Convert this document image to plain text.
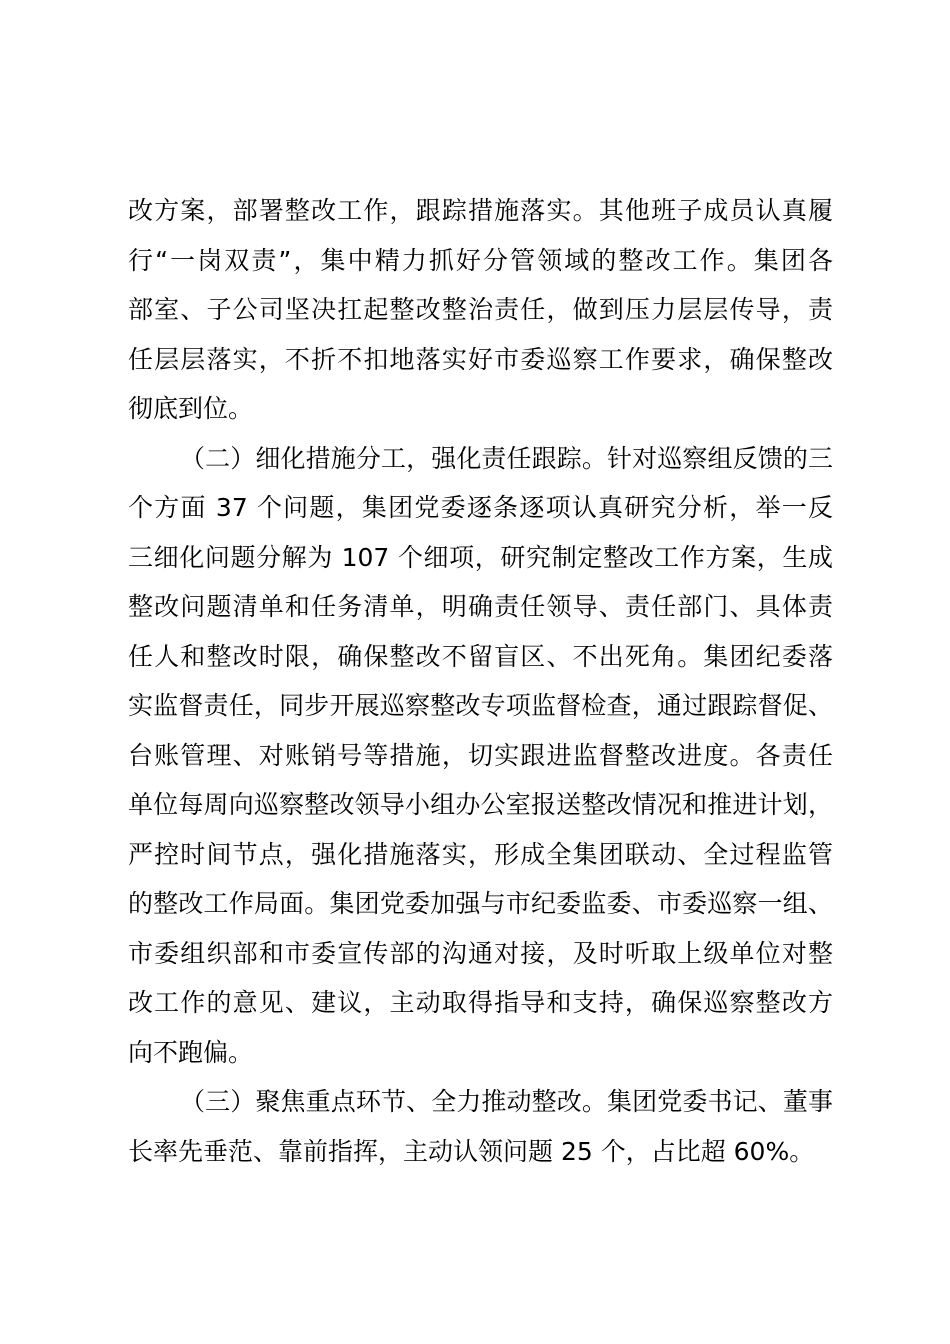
改方案，部署整改工作，跟踪措施落实。其他班子成员认真履
行“一岗双责”，集中精力抓好分管领域的整改工作。集团各
部室、子公司坚决扛起整改整治责任，做到压力层层传导，责
任层层落实，不折不扣地落实好市委巡察工作要求，确保整改
彻底到位。
（二）细化措施分工，强化责任跟踪。针对巡察组反馈的三
个方面 37 个问题，集团党委逐条逐项认真研究分析，举一反
三细化问题分解为 107 个细项，研究制定整改工作方案，生成
整改问题清单和任务清单，明确责任领导、责任部门、具体责
任人和整改时限，确保整改不留盲区、不出死角。集团纪委落
实监督责任，同步开展巡察整改专项监督检查，通过跟踪督促、
台账管理、对账销号等措施，切实跟进监督整改进度。各责任
单位每周向巡察整改领导小组办公室报送整改情况和推进计划，
严控时间节点，强化措施落实，形成全集团联动、全过程监管
的整改工作局面。集团党委加强与市纪委监委、市委巡察一组、
市委组织部和市委宣传部的沟通对接，及时听取上级单位对整
改工作的意见、建议，主动取得指导和支持，确保巡察整改方
向不跑偏。
（三）聚焦重点环节、全力推动整改。集团党委书记、董事
长率先垂范、靠前指挥，主动认领问题 25 个，占比超 60%。
